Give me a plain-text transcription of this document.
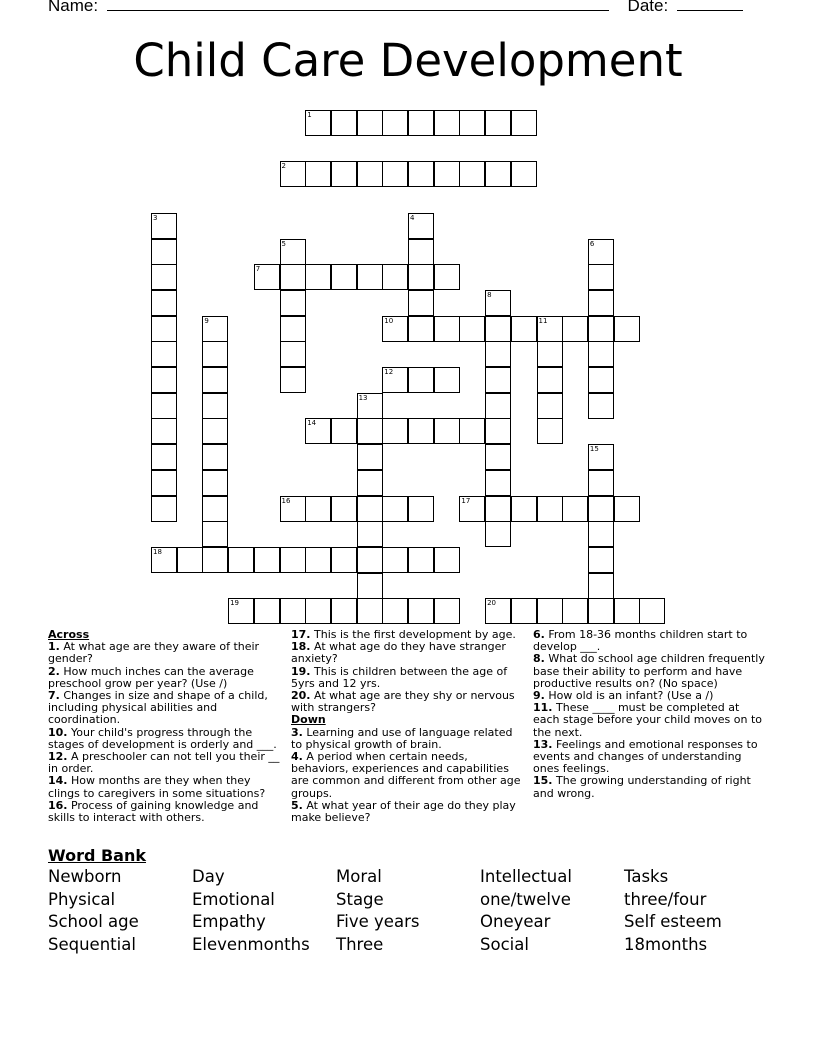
Name:	Date:
Child Care Development
1
2
3	4
5	6
7
8
9	10	11
12
13
14
15
16	17
18
19	20
Across
1. At what age are they aware of their gender?
2. How much inches can the average preschool grow per year? (Use /)
7. Changes in size and shape of a child, including physical abilities and coordination.
10. Your child's progress through the stages of development is orderly and ___.
12. A preschooler can not tell you their __ in order.
14. How months are they when they clings to caregivers in some situations?
16. Process of gaining knowledge and skills to interact with others.
17. This is the first development by age.
18. At what age do they have stranger anxiety?
19. This is children between the age of 5yrs and 12 yrs.
20. At what age are they shy or nervous with strangers?
Down
3. Learning and use of language related to physical growth of brain.
4. A period when certain needs, behaviors, experiences and capabilities are common and different from other age groups.
5. At what year of their age do they play make believe?
6. From 18-36 months children start to develop ___.
8. What do school age children frequently base their ability to perform and have productive results on? (No space)
9. How old is an infant? (Use a /)
11. These ____ must be completed at each stage before your child moves on to the next.
13. Feelings and emotional responses to events and changes of understanding ones feelings.
15. The growing understanding of right and wrong.
Word Bank
Newborn
Physical
School age
Sequential
Day
Emotional
Empathy
Elevenmonths
Moral
Stage
Five years
Three
Intellectual
one/twelve
Oneyear
Social
Tasks
three/four
Self esteem
18months
